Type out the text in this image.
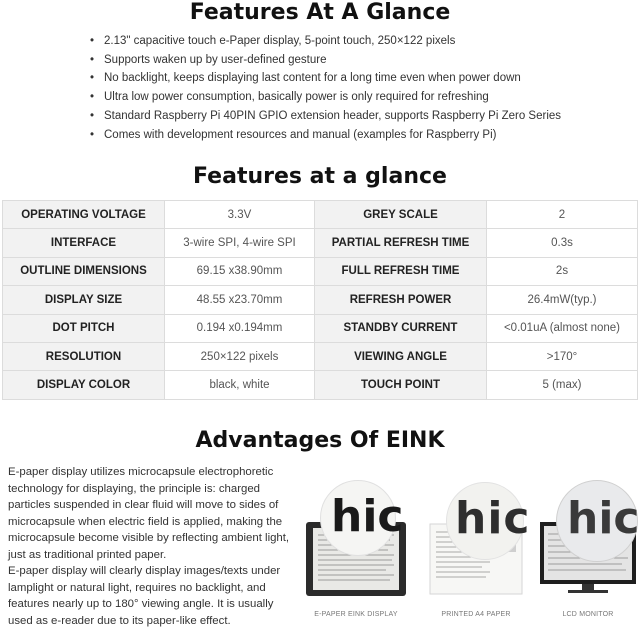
Features At A Glance
• 2.13" capacitive touch e-Paper display, 5-point touch, 250×122 pixels
• Supports waken up by user-defined gesture
• No backlight, keeps displaying last content for a long time even when power down
• Ultra low power consumption, basically power is only required for refreshing
• Standard Raspberry Pi 40PIN GPIO extension header, supports Raspberry Pi Zero Series
• Comes with development resources and manual (examples for Raspberry Pi)
Features at a glance
OPERATING VOLTAGE	3.3V	GREY SCALE	2
INTERFACE	3-wire SPI, 4-wire SPI	PARTIAL REFRESH TIME	0.3s
OUTLINE DIMENSIONS	69.15 x38.90mm	FULL REFRESH TIME	2s
DISPLAY SIZE	48.55 x23.70mm	REFRESH POWER	26.4mW(typ.)
DOT PITCH	0.194 x0.194mm	STANDBY CURRENT	<0.01uA (almost none)
RESOLUTION	250×122 pixels	VIEWING ANGLE	>170°
DISPLAY COLOR	black, white	TOUCH POINT	5 (max)
Advantages Of EINK

E-paper display utilizes microcapsule electrophoretic technology for displaying, the principle is: charged particles suspended in clear fluid will move to sides of microcapsule when electric field is applied, making the microcapsule become visible by reflecting ambient light, just as traditional printed paper.

E-paper display will clearly display images/texts under lamplight or natural light, requires no backlight, and features nearly up to 180° viewing angle. It is usually used as e-reader due to its paper-like effect.

hic
E-PAPER EINK DISPLAY
hic
PRINTED A4 PAPER
hic
LCD MONITOR
